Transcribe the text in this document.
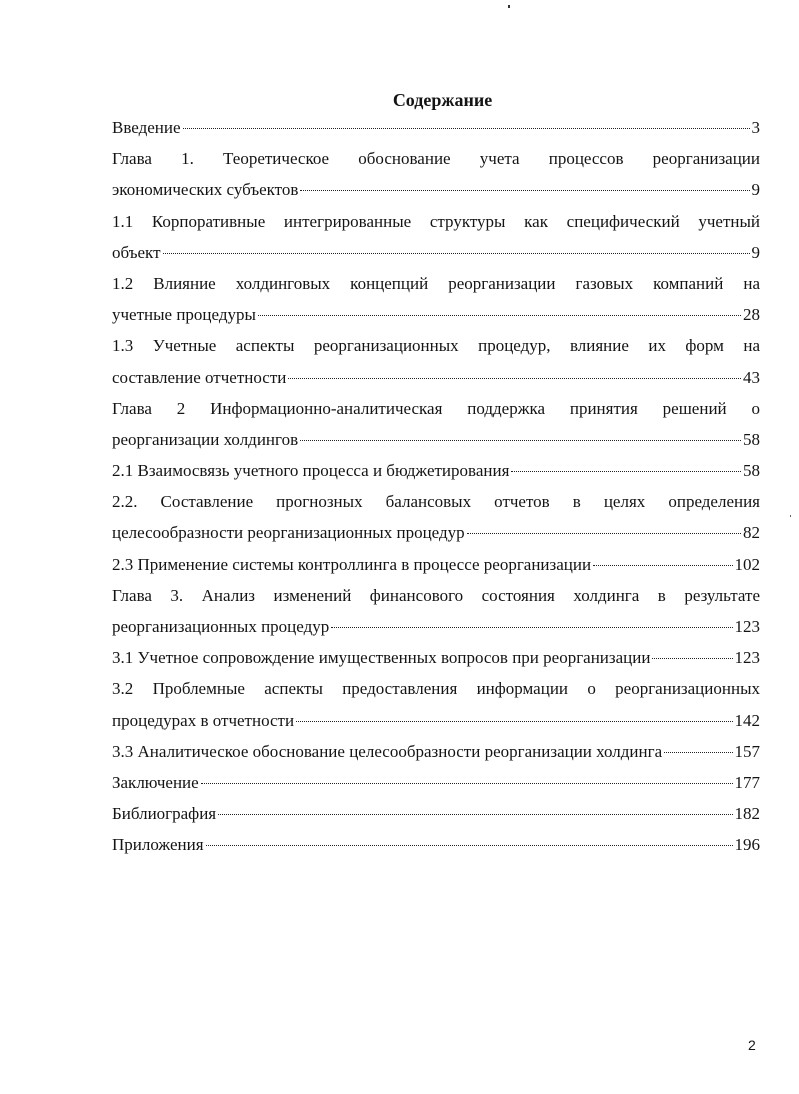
Содержание
Введение	3
Глава 1. Теоретическое обоснование учета процессов реорганизации
экономических субъектов	9
1.1 Корпоративные интегрированные структуры как специфический учетный
объект	9
1.2 Влияние холдинговых концепций реорганизации газовых компаний на
учетные процедуры	28
1.3 Учетные аспекты реорганизационных процедур, влияние их форм на
составление отчетности	43
Глава 2 Информационно-аналитическая поддержка принятия решений о
реорганизации холдингов	58
2.1 Взаимосвязь учетного процесса и бюджетирования	58
2.2. Составление прогнозных балансовых отчетов в целях определения
целесообразности реорганизационных процедур	82
2.3 Применение системы контроллинга в процессе реорганизации	102
Глава 3. Анализ изменений финансового состояния холдинга в результате
реорганизационных процедур	123
3.1 Учетное сопровождение имущественных вопросов при реорганизации	123
3.2 Проблемные аспекты предоставления информации о реорганизационных
процедурах в отчетности	142
3.3 Аналитическое обоснование целесообразности реорганизации холдинга	157
Заключение	177
Библиография	182
Приложения	196
2
